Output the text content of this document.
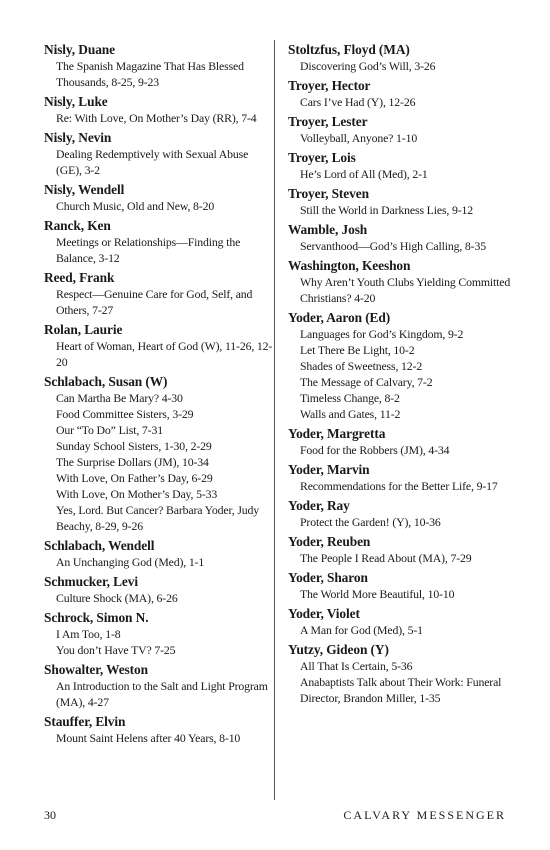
Nisly, Duane
The Spanish Magazine That Has Blessed Thousands, 8-25, 9-23
Nisly, Luke
Re: With Love, On Mother’s Day (RR), 7-4
Nisly, Nevin
Dealing Redemptively with Sexual Abuse (GE), 3-2
Nisly, Wendell
Church Music, Old and New, 8-20
Ranck, Ken
Meetings or Relationships—Finding the Balance, 3-12
Reed, Frank
Respect—Genuine Care for God, Self, and Others, 7-27
Rolan, Laurie
Heart of Woman, Heart of God (W), 11-26, 12-20
Schlabach, Susan (W)
Can Martha Be Mary? 4-30
Food Committee Sisters, 3-29
Our “To Do” List, 7-31
Sunday School Sisters, 1-30, 2-29
The Surprise Dollars (JM), 10-34
With Love, On Father’s Day, 6-29
With Love, On Mother’s Day, 5-33
Yes, Lord. But Cancer? Barbara Yoder, Judy Beachy, 8-29, 9-26
Schlabach, Wendell
An Unchanging God (Med), 1-1
Schmucker, Levi
Culture Shock (MA), 6-26
Schrock, Simon N.
I Am Too, 1-8
You don’t Have TV? 7-25
Showalter, Weston
An Introduction to the Salt and Light Program (MA), 4-27
Stauffer, Elvin
Mount Saint Helens after 40 Years, 8-10
Stoltzfus, Floyd (MA)
Discovering God’s Will, 3-26
Troyer, Hector
Cars I’ve Had (Y), 12-26
Troyer, Lester
Volleyball, Anyone? 1-10
Troyer, Lois
He’s Lord of All (Med), 2-1
Troyer, Steven
Still the World in Darkness Lies, 9-12
Wamble, Josh
Servanthood—God’s High Calling, 8-35
Washington, Keeshon
Why Aren’t Youth Clubs Yielding Committed Christians? 4-20
Yoder, Aaron (Ed)
Languages for God’s Kingdom, 9-2
Let There Be Light, 10-2
Shades of Sweetness, 12-2
The Message of Calvary, 7-2
Timeless Change, 8-2
Walls and Gates, 11-2
Yoder, Margretta
Food for the Robbers (JM), 4-34
Yoder, Marvin
Recommendations for the Better Life, 9-17
Yoder, Ray
Protect the Garden! (Y), 10-36
Yoder, Reuben
The People I Read About (MA), 7-29
Yoder, Sharon
The World More Beautiful, 10-10
Yoder, Violet
A Man for God (Med), 5-1
Yutzy, Gideon (Y)
All That Is Certain, 5-36
Anabaptists Talk about Their Work: Funeral Director, Brandon Miller, 1-35
30	CALVARY MESSENGER
